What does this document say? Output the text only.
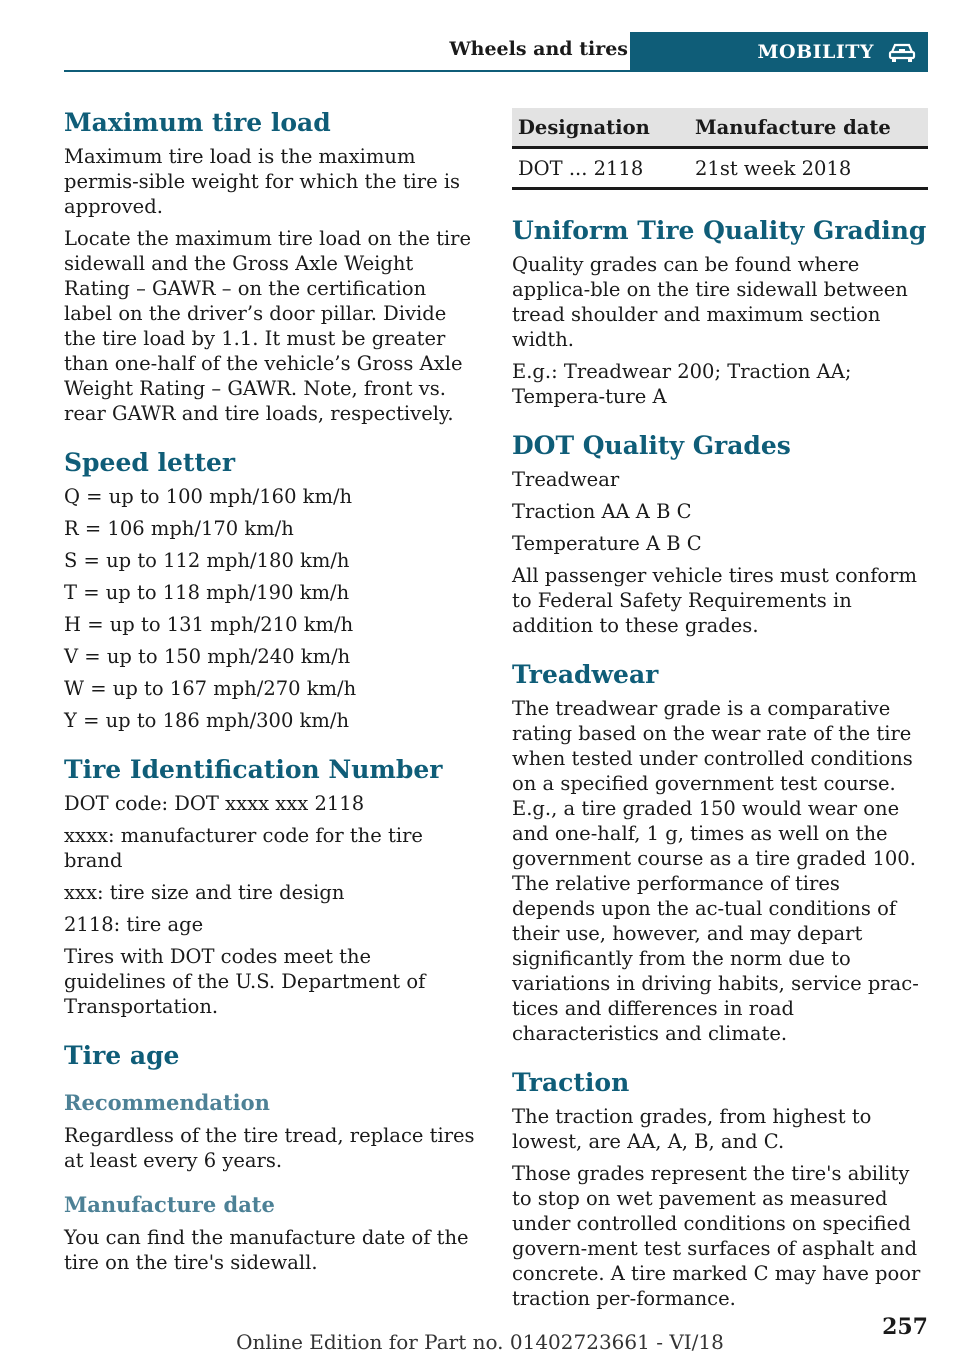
Wheels and tires	MOBILITY
Maximum tire load

Maximum tire load is the maximum permis-sible weight for which the tire is approved.

Locate the maximum tire load on the tire sidewall and the Gross Axle Weight Rating – GAWR – on the certification label on the driver’s door pillar. Divide the tire load by 1.1. It must be greater than one-half of the vehicle’s Gross Axle Weight Rating – GAWR. Note, front vs. rear GAWR and tire loads, respectively.

Speed letter

Q = up to 100 mph/160 km/h

R = 106 mph/170 km/h

S = up to 112 mph/180 km/h

T = up to 118 mph/190 km/h

H = up to 131 mph/210 km/h

V = up to 150 mph/240 km/h

W = up to 167 mph/270 km/h

Y = up to 186 mph/300 km/h

Tire Identification Number

DOT code: DOT xxxx xxx 2118

xxxx: manufacturer code for the tire brand

xxx: tire size and tire design

2118: tire age

Tires with DOT codes meet the guidelines of the U.S. Department of Transportation.

Tire age
Recommendation

Regardless of the tire tread, replace tires at least every 6 years.

Manufacture date

You can find the manufacture date of the tire on the tire's sidewall.

Designation	Manufacture date
DOT ... 2118	21st week 2018
Uniform Tire Quality Grading

Quality grades can be found where applica-ble on the tire sidewall between tread shoulder and maximum section width.

E.g.: Treadwear 200; Traction AA; Tempera-ture A

DOT Quality Grades

Treadwear

Traction AA A B C

Temperature A B C

All passenger vehicle tires must conform to Federal Safety Requirements in addition to these grades.

Treadwear

The treadwear grade is a comparative rating based on the wear rate of the tire when tested under controlled conditions on a specified government test course. E.g., a tire graded 150 would wear one and one-half, 1 g, times as well on the government course as a tire graded 100. The relative performance of tires depends upon the ac-tual conditions of their use, however, and may depart significantly from the norm due to variations in driving habits, service prac-tices and differences in road characteristics and climate.

Traction

The traction grades, from highest to lowest, are AA, A, B, and C.

Those grades represent the tire's ability to stop on wet pavement as measured under controlled conditions on specified govern-ment test surfaces of asphalt and concrete. A tire marked C may have poor traction per-formance.

257
Online Edition for Part no. 01402723661 - VI/18
